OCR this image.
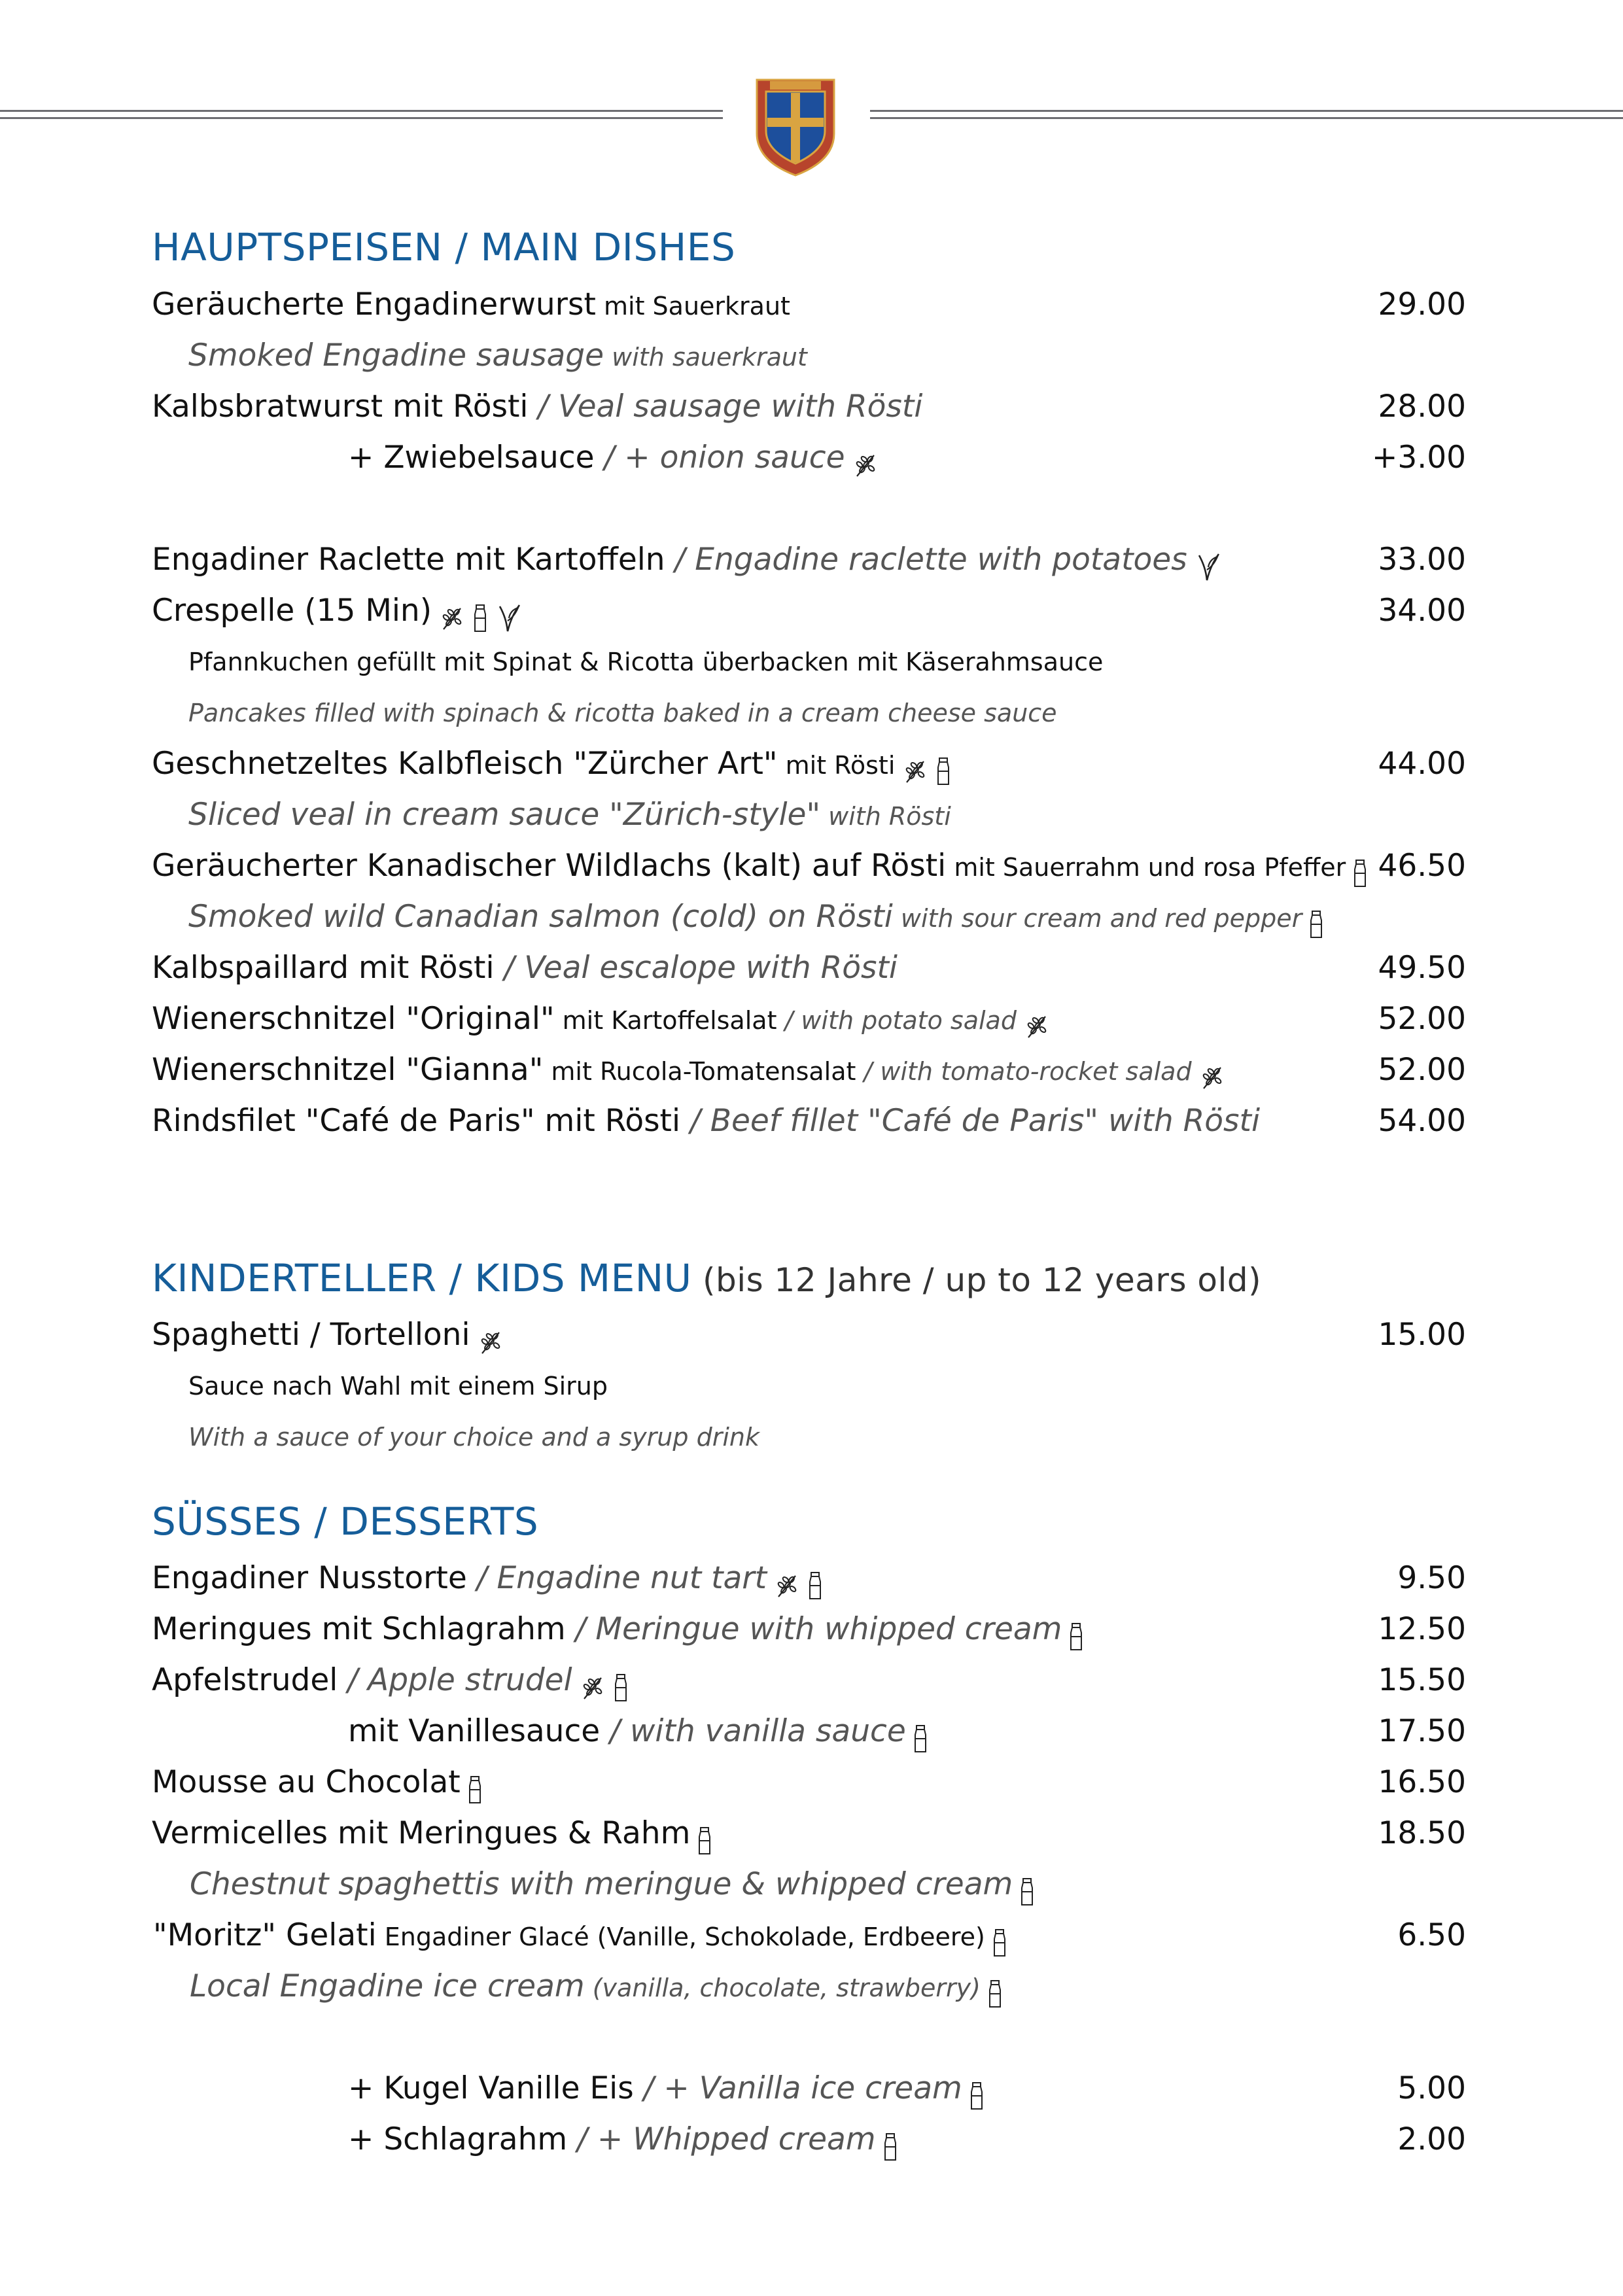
HAUPTSPEISEN / MAIN DISHES
Geräucherte Engadinerwurst mit Sauerkraut	29.00
Smoked Engadine sausage with sauerkraut
Kalbsbratwurst mit Rösti / Veal sausage with Rösti	28.00
+ Zwiebelsauce / + onion sauce	+3.00
Engadiner Raclette mit Kartoffeln / Engadine raclette with potatoes	33.00
Crespelle (15 Min)	34.00
Pfannkuchen gefüllt mit Spinat & Ricotta überbacken mit Käserahmsauce
Pancakes filled with spinach & ricotta baked in a cream cheese sauce
Geschnetzeltes Kalbfleisch "Zürcher Art" mit Rösti	44.00
Sliced veal in cream sauce "Zürich-style" with Rösti
Geräucherter Kanadischer Wildlachs (kalt) auf Rösti mit Sauerrahm und rosa Pfeffer	46.50
Smoked wild Canadian salmon (cold) on Rösti with sour cream and red pepper
Kalbspaillard mit Rösti / Veal escalope with Rösti	49.50
Wienerschnitzel "Original" mit Kartoffelsalat / with potato salad	52.00
Wienerschnitzel "Gianna" mit Rucola-Tomatensalat / with tomato-rocket salad	52.00
Rindsfilet "Café de Paris" mit Rösti / Beef fillet "Café de Paris" with Rösti	54.00
KINDERTELLER / KIDS MENU (bis 12 Jahre / up to 12 years old)
Spaghetti / Tortelloni	15.00
Sauce nach Wahl mit einem Sirup
With a sauce of your choice and a syrup drink
SÜSSES / DESSERTS
Engadiner Nusstorte / Engadine nut tart	9.50
Meringues mit Schlagrahm / Meringue with whipped cream	12.50
Apfelstrudel / Apple strudel	15.50
mit Vanillesauce / with vanilla sauce	17.50
Mousse au Chocolat	16.50
Vermicelles mit Meringues & Rahm	18.50
Chestnut spaghettis with meringue & whipped cream
"Moritz" Gelati Engadiner Glacé (Vanille, Schokolade, Erdbeere)	6.50
Local Engadine ice cream (vanilla, chocolate, strawberry)
+ Kugel Vanille Eis / + Vanilla ice cream	5.00
+ Schlagrahm / + Whipped cream	2.00
